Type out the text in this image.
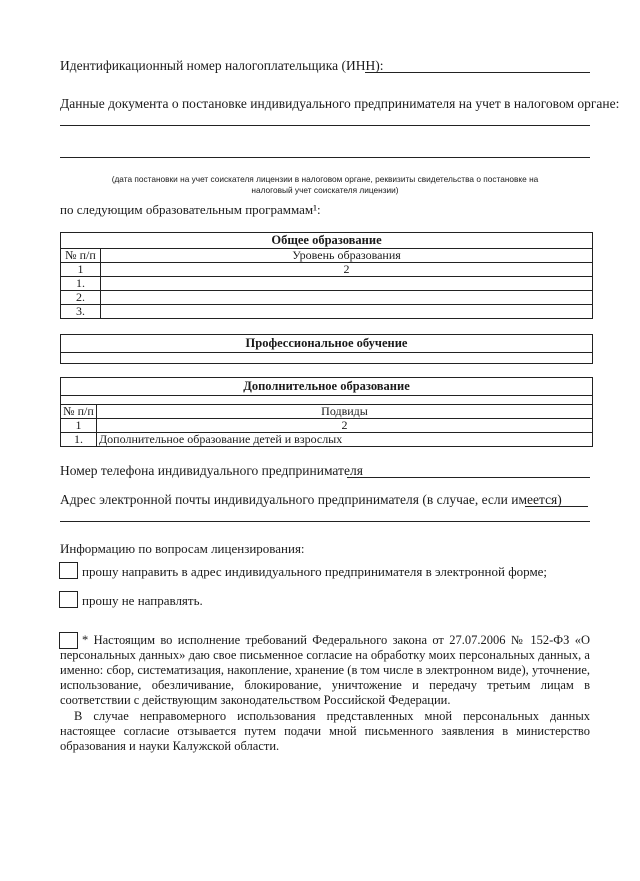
Идентификационный номер налогоплательщика (ИНН):
Данные документа о постановке индивидуального предпринимателя на учет в налоговом органе:
(дата постановки на учет соискателя лицензии в налоговом органе, реквизиты свидетельства о постановке на
налоговый учет соискателя лицензии)
по следующим образовательным программам¹:
Общее образование	
№ п/п	Уровень образования
1	2
1.	
2.	
3.	
Профессиональное обучение

Дополнительное образование	

№ п/п	Подвиды
1	2
1.	Дополнительное образование детей и взрослых
Номер телефона индивидуального предпринимателя
Адрес электронной почты индивидуального предпринимателя (в случае, если имеется)
Информацию по вопросам лицензирования:
прошу направить в адрес индивидуального предпринимателя в электронной форме;
прошу не направлять.
* Настоящим во исполнение требований Федерального закона от 27.07.2006 № 152-ФЗ «О персональных данных» даю свое письменное согласие на обработку моих персональных данных, а именно: сбор, систематизация, накопление, хранение (в том числе в электронном виде), уточнение, использование, обезличивание, блокирование, уничтожение и передачу третьим лицам в соответствии с действующим законодательством Российской Федерации.
В случае неправомерного использования представленных мной персональных данных настоящее согласие отзывается путем подачи мной письменного заявления в министерство образования и науки Калужской области.
